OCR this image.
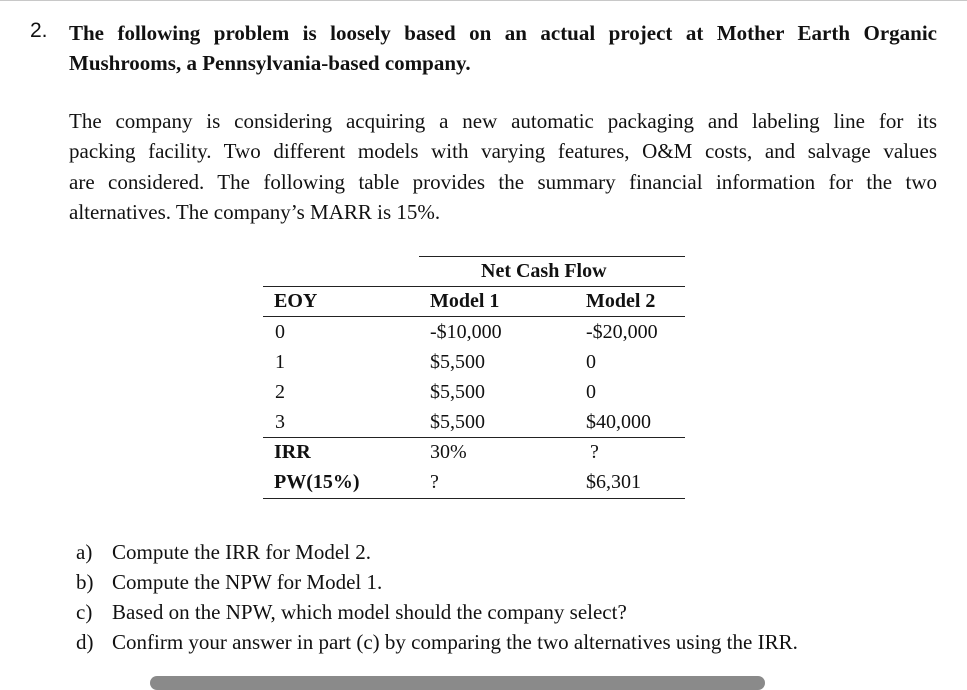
2. The following problem is loosely based on an actual project at Mother Earth Organic
Mushrooms, a Pennsylvania-based company.
The company is considering acquiring a new automatic packaging and labeling line for its
packing facility. Two different models with varying features, O&M costs, and salvage values
are considered. The following table provides the summary financial information for the two
alternatives. The company’s MARR is 15%.
Net Cash Flow
EOY	Model 1	Model 2
0	-$10,000	-$20,000
1	$5,500	0
2	$5,500	0
3	$5,500	$40,000
IRR	30%	?
PW(15%)	?	$6,301
a) Compute the IRR for Model 2.
b) Compute the NPW for Model 1.
c) Based on the NPW, which model should the company select?
d) Confirm your answer in part (c) by comparing the two alternatives using the IRR.
